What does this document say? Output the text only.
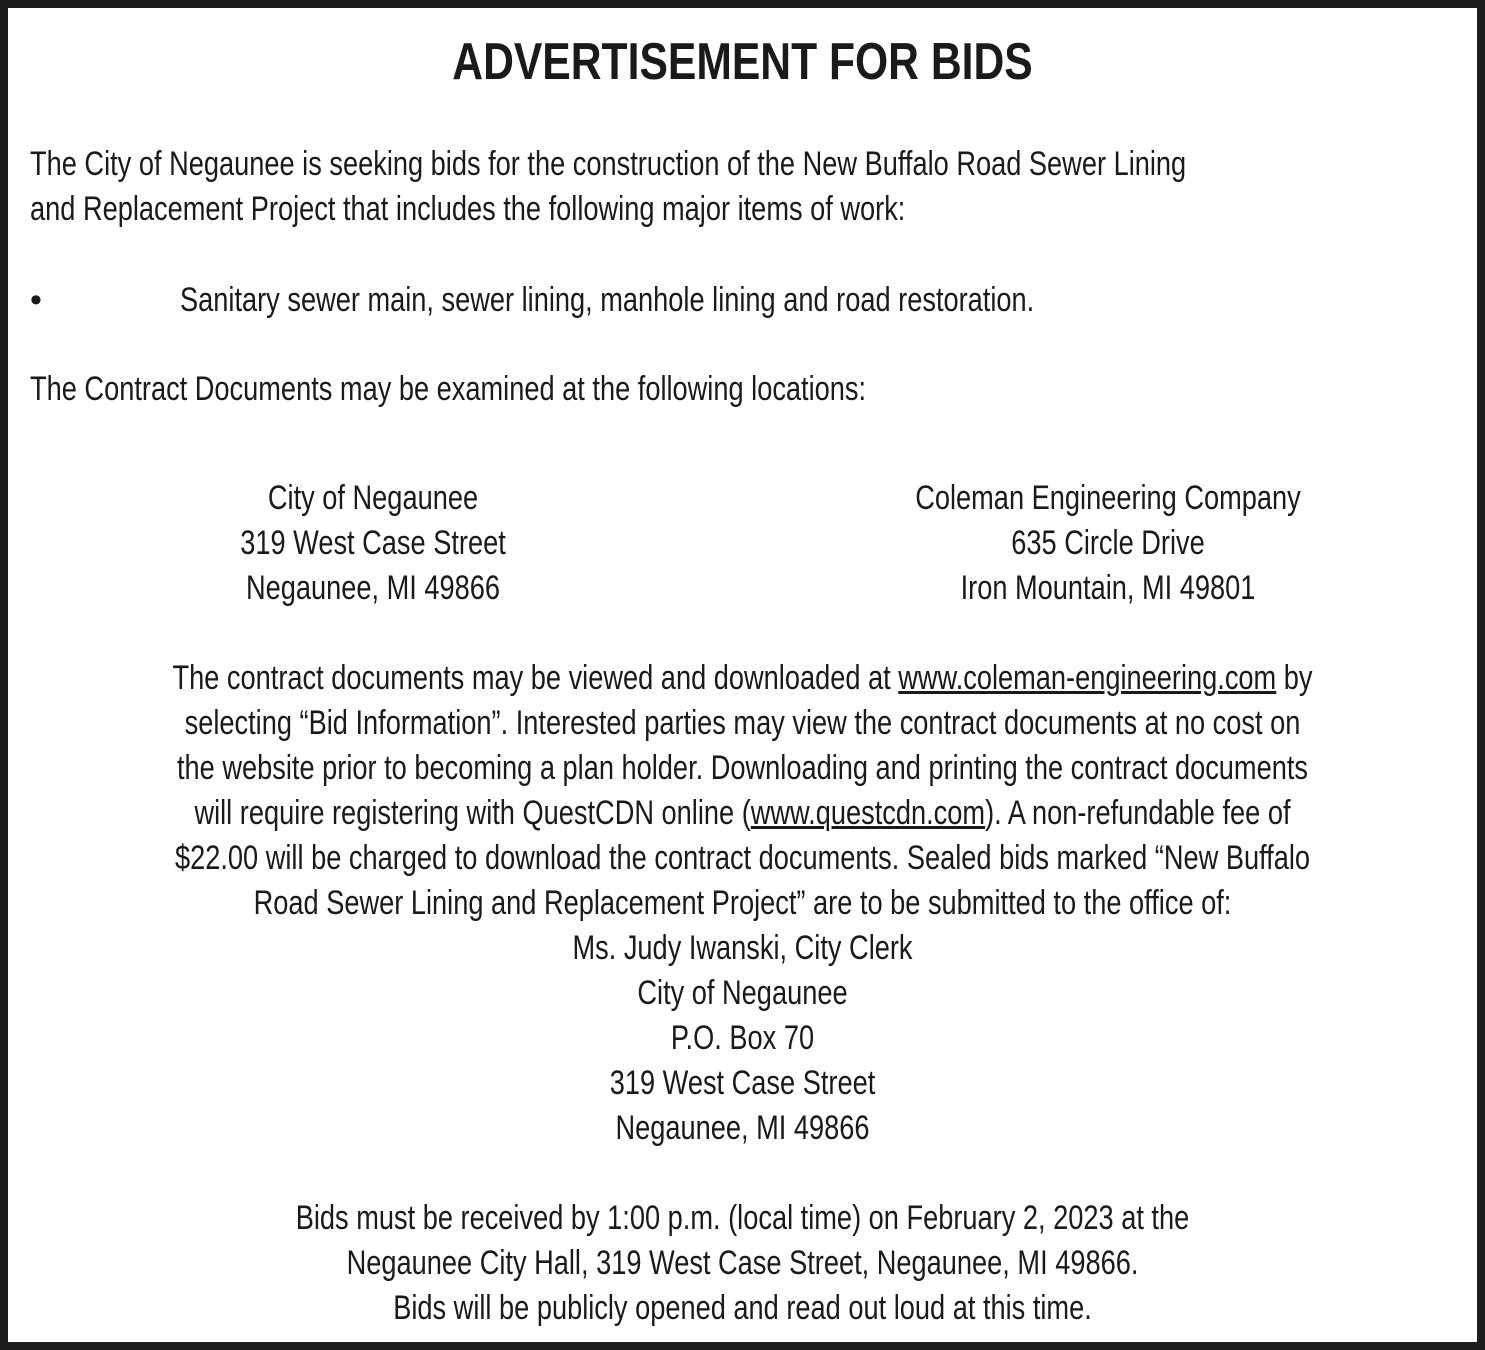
ADVERTISEMENT FOR BIDS
The City of Negaunee is seeking bids for the construction of the New Buffalo Road Sewer Lining
and Replacement Project that includes the following major items of work:
•	Sanitary sewer main, sewer lining, manhole lining and road restoration.
The Contract Documents may be examined at the following locations:
City of Negaunee
319 West Case Street
Negaunee, MI 49866
Coleman Engineering Company
635 Circle Drive
Iron Mountain, MI 49801
The contract documents may be viewed and downloaded at www.coleman-engineering.com by
selecting “Bid Information”. Interested parties may view the contract documents at no cost on
the website prior to becoming a plan holder. Downloading and printing the contract documents
will require registering with QuestCDN online (www.questcdn.com). A non-refundable fee of
$22.00 will be charged to download the contract documents. Sealed bids marked “New Buffalo
Road Sewer Lining and Replacement Project” are to be submitted to the office of:
Ms. Judy Iwanski, City Clerk
City of Negaunee
P.O. Box 70
319 West Case Street
Negaunee, MI 49866
Bids must be received by 1:00 p.m. (local time) on February 2, 2023 at the
Negaunee City Hall, 319 West Case Street, Negaunee, MI 49866.
Bids will be publicly opened and read out loud at this time.
